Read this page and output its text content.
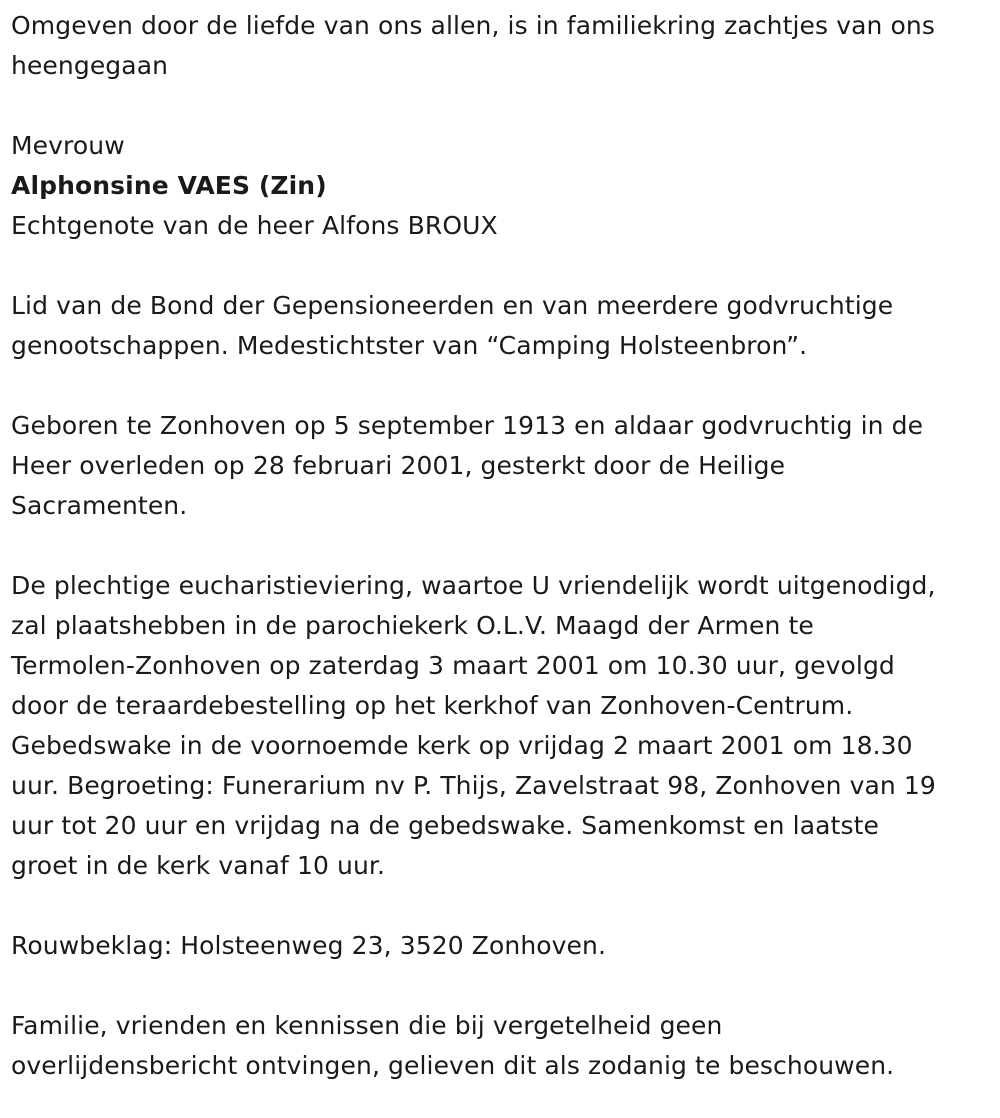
Omgeven door de liefde van ons allen, is in familiekring zachtjes van ons
heengegaan

Mevrouw

Alphonsine VAES (Zin)

Echtgenote van de heer Alfons BROUX

Lid van de Bond der Gepensioneerden en van meerdere godvruchtige
genootschappen. Medestichtster van “Camping Holsteenbron”.

Geboren te Zonhoven op 5 september 1913 en aldaar godvruchtig in de
Heer overleden op 28 februari 2001, gesterkt door de Heilige
Sacramenten.

De plechtige eucharistieviering, waartoe U vriendelijk wordt uitgenodigd,
zal plaatshebben in de parochiekerk O.L.V. Maagd der Armen te
Termolen-Zonhoven op zaterdag 3 maart 2001 om 10.30 uur, gevolgd
door de teraardebestelling op het kerkhof van Zonhoven-Centrum.
Gebedswake in de voornoemde kerk op vrijdag 2 maart 2001 om 18.30
uur. Begroeting: Funerarium nv P. Thijs, Zavelstraat 98, Zonhoven van 19
uur tot 20 uur en vrijdag na de gebedswake. Samenkomst en laatste
groet in de kerk vanaf 10 uur.

Rouwbeklag: Holsteenweg 23, 3520 Zonhoven.

Familie, vrienden en kennissen die bij vergetelheid geen
overlijdensbericht ontvingen, gelieven dit als zodanig te beschouwen.
